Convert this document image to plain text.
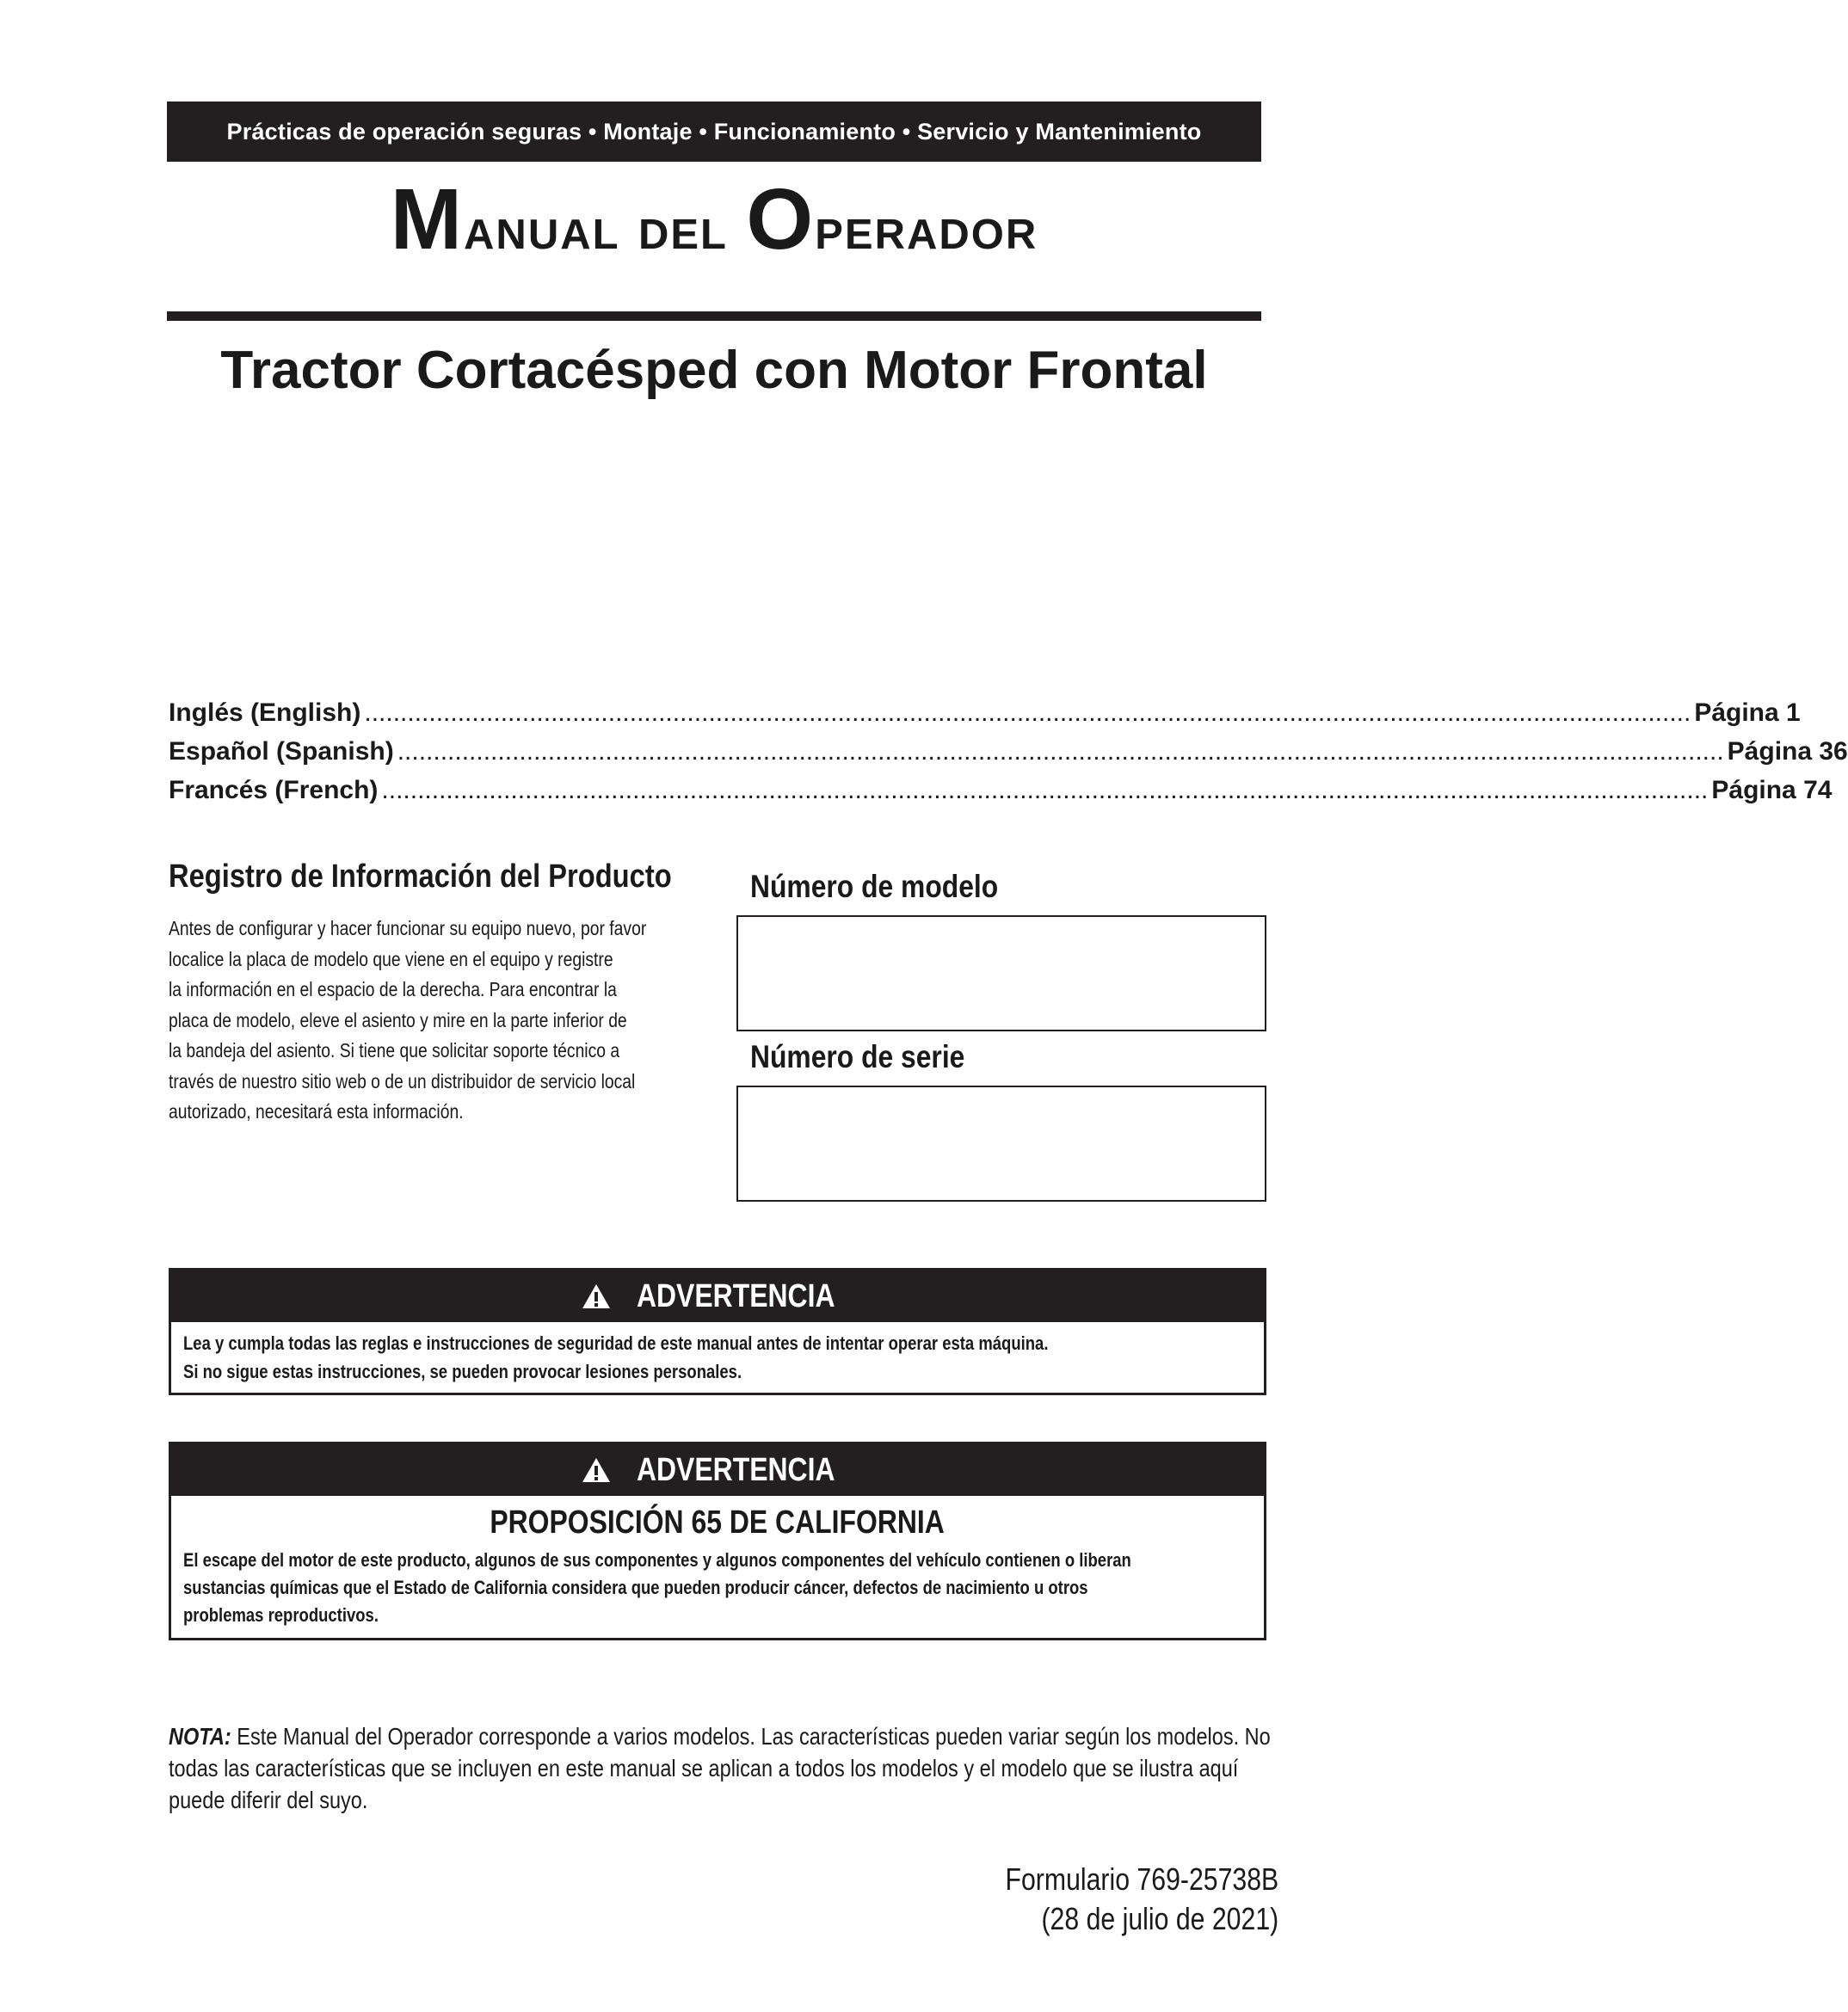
Prácticas de operación seguras • Montaje • Funcionamiento • Servicio y Mantenimiento
Manual del Operador
Tractor Cortacésped con Motor Frontal
Inglés (English) ......................................................................................................................................................................................... Página 1
Español (Spanish) ......................................................................................................................................................................................... Página 36
Francés (French) ......................................................................................................................................................................................... Página 74
Registro de Información del Producto
Antes de configurar y hacer funcionar su equipo nuevo, por favor
localice la placa de modelo que viene en el equipo y registre
la información en el espacio de la derecha. Para encontrar la
placa de modelo, eleve el asiento y mire en la parte inferior de
la bandeja del asiento. Si tiene que solicitar soporte técnico a
través de nuestro sitio web o de un distribuidor de servicio local
autorizado, necesitará esta información.
Número de modelo
Número de serie
ADVERTENCIA
Lea y cumpla todas las reglas e instrucciones de seguridad de este manual antes de intentar operar esta máquina.
Si no sigue estas instrucciones, se pueden provocar lesiones personales.
ADVERTENCIA
PROPOSICIÓN 65 DE CALIFORNIA
El escape del motor de este producto, algunos de sus componentes y algunos componentes del vehículo contienen o liberan
sustancias químicas que el Estado de California considera que pueden producir cáncer, defectos de nacimiento u otros
problemas reproductivos.
NOTA: Este Manual del Operador corresponde a varios modelos. Las características pueden variar según los modelos. No
todas las características que se incluyen en este manual se aplican a todos los modelos y el modelo que se ilustra aquí
puede diferir del suyo.
Formulario 769-25738B
(28 de julio de 2021)
